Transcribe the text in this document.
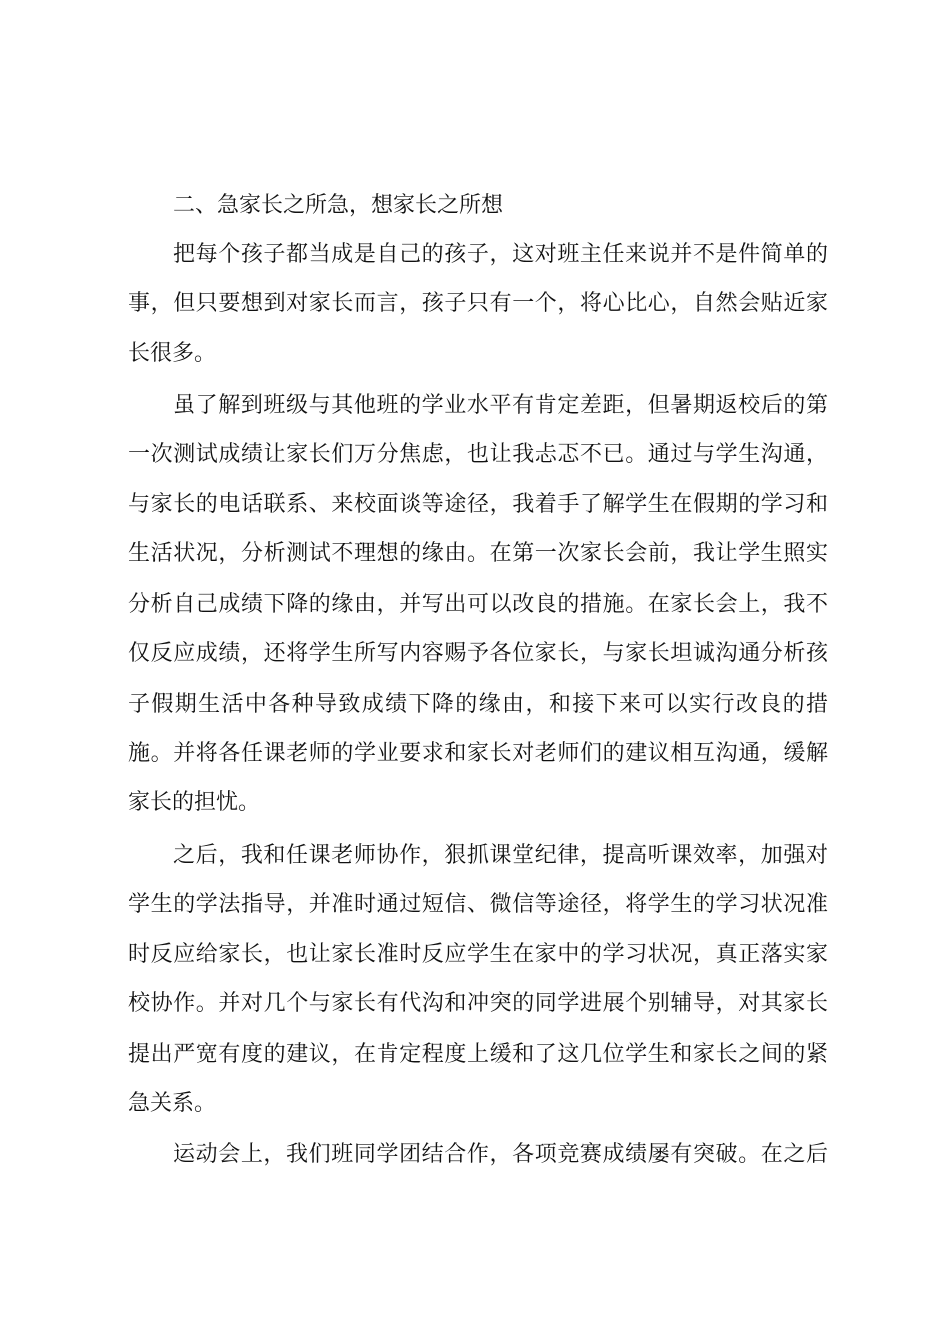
二、急家长之所急，想家长之所想
把每个孩子都当成是自己的孩子，这对班主任来说并不是件简单的
事，但只要想到对家长而言，孩子只有一个，将心比心，自然会贴近家
长很多。
虽了解到班级与其他班的学业水平有肯定差距，但暑期返校后的第
一次测试成绩让家长们万分焦虑，也让我忐忑不已。通过与学生沟通，
与家长的电话联系、来校面谈等途径，我着手了解学生在假期的学习和
生活状况，分析测试不理想的缘由。在第一次家长会前，我让学生照实
分析自己成绩下降的缘由，并写出可以改良的措施。在家长会上，我不
仅反应成绩，还将学生所写内容赐予各位家长，与家长坦诚沟通分析孩
子假期生活中各种导致成绩下降的缘由，和接下来可以实行改良的措
施。并将各任课老师的学业要求和家长对老师们的建议相互沟通，缓解
家长的担忧。
之后，我和任课老师协作，狠抓课堂纪律，提高听课效率，加强对
学生的学法指导，并准时通过短信、微信等途径，将学生的学习状况准
时反应给家长，也让家长准时反应学生在家中的学习状况，真正落实家
校协作。并对几个与家长有代沟和冲突的同学进展个别辅导，对其家长
提出严宽有度的建议，在肯定程度上缓和了这几位学生和家长之间的紧
急关系。
运动会上，我们班同学团结合作，各项竞赛成绩屡有突破。在之后
